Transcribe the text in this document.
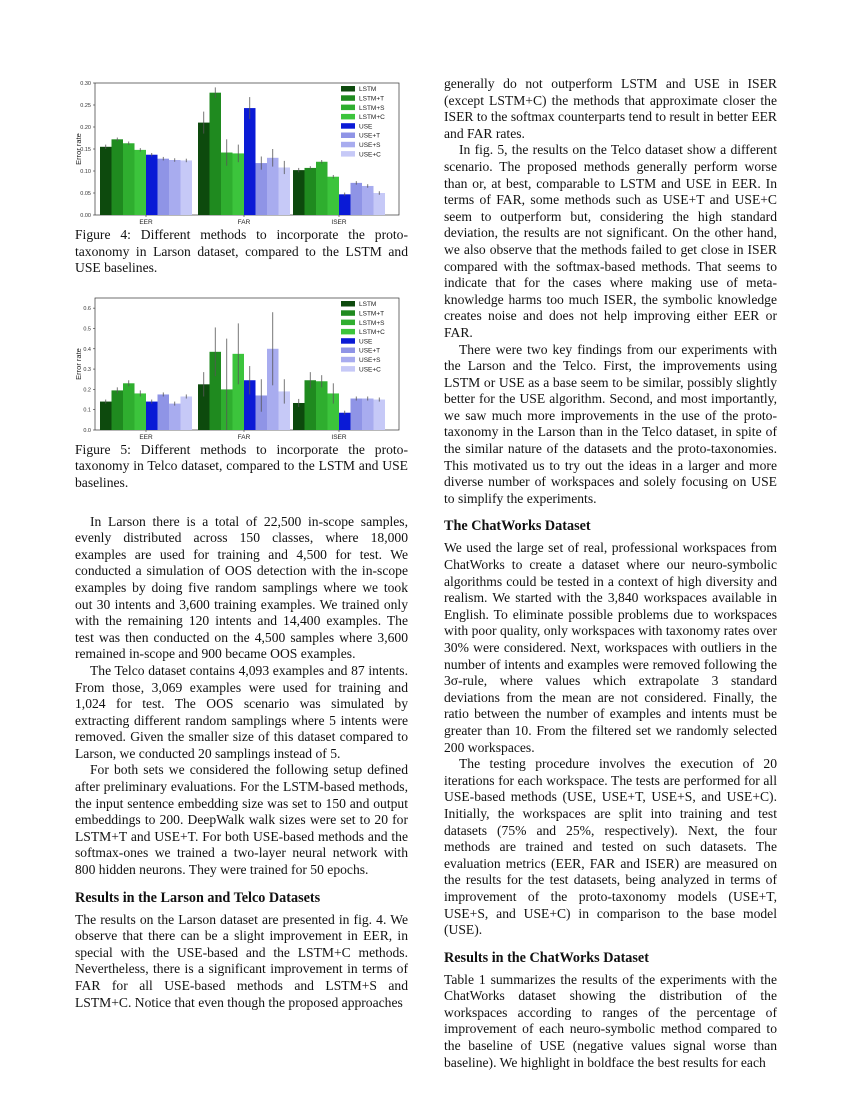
0.00
0.05
0.10
0.15
0.20
0.25
0.30
Error rate
EER	FAR	ISER
LSTM
LSTM+T
LSTM+S
LSTM+C
USE
USE+T
USE+S
USE+C

Figure 4: Different methods to incorporate the proto-taxonomy in Larson dataset, compared to the LSTM and USE baselines.

0.0
0.1
0.2
0.3
0.4
0.5
0.6
Error rate
EER	FAR	ISER
LSTM
LSTM+T
LSTM+S
LSTM+C
USE
USE+T
USE+S
USE+C

Figure 5: Different methods to incorporate the proto-taxonomy in Telco dataset, compared to the LSTM and USE baselines.

In Larson there is a total of 22,500 in-scope samples, evenly distributed across 150 classes, where 18,000 examples are used for training and 4,500 for test. We conducted a simulation of OOS detection with the in-scope examples by doing five random samplings where we took out 30 intents and 3,600 training examples. We trained only with the remaining 120 intents and 14,400 examples. The test was then conducted on the 4,500 samples where 3,600 remained in-scope and 900 became OOS examples.

The Telco dataset contains 4,093 examples and 87 intents. From those, 3,069 examples were used for training and 1,024 for test. The OOS scenario was simulated by extracting different random samplings where 5 intents were removed. Given the smaller size of this dataset compared to Larson, we conducted 20 samplings instead of 5.

For both sets we considered the following setup defined after preliminary evaluations. For the LSTM-based methods, the input sentence embedding size was set to 150 and output embeddings to 200. DeepWalk walk sizes were set to 20 for LSTM+T and USE+T. For both USE-based methods and the softmax-ones we trained a two-layer neural network with 800 hidden neurons. They were trained for 50 epochs.

Results in the Larson and Telco Datasets

The results on the Larson dataset are presented in fig. 4. We observe that there can be a slight improvement in EER, in special with the USE-based and the LSTM+C methods. Nevertheless, there is a significant improvement in terms of FAR for all USE-based methods and LSTM+S and LSTM+C. Notice that even though the proposed approaches

generally do not outperform LSTM and USE in ISER (except LSTM+C) the methods that approximate closer the ISER to the softmax counterparts tend to result in better EER and FAR rates.

In fig. 5, the results on the Telco dataset show a different scenario. The proposed methods generally perform worse than or, at best, comparable to LSTM and USE in EER. In terms of FAR, some methods such as USE+T and USE+C seem to outperform but, considering the high standard deviation, the results are not significant. On the other hand, we also observe that the methods failed to get close in ISER compared with the softmax-based methods. That seems to indicate that for the cases where making use of meta-knowledge harms too much ISER, the symbolic knowledge creates noise and does not help improving either EER or FAR.

There were two key findings from our experiments with the Larson and the Telco. First, the improvements using LSTM or USE as a base seem to be similar, possibly slightly better for the USE algorithm. Second, and most importantly, we saw much more improvements in the use of the proto-taxonomy in the Larson than in the Telco dataset, in spite of the similar nature of the datasets and the proto-taxonomies. This motivated us to try out the ideas in a larger and more diverse number of workspaces and solely focusing on USE to simplify the experiments.

The ChatWorks Dataset

We used the large set of real, professional workspaces from ChatWorks to create a dataset where our neuro-symbolic algorithms could be tested in a context of high diversity and realism. We started with the 3,840 workspaces available in English. To eliminate possible problems due to workspaces with poor quality, only workspaces with taxonomy rates over 30% were considered. Next, workspaces with outliers in the number of intents and examples were removed following the 3σ-rule, where values which extrapolate 3 standard deviations from the mean are not considered. Finally, the ratio between the number of examples and intents must be greater than 10. From the filtered set we randomly selected 200 workspaces.

The testing procedure involves the execution of 20 iterations for each workspace. The tests are performed for all USE-based methods (USE, USE+T, USE+S, and USE+C). Initially, the workspaces are split into training and test datasets (75% and 25%, respectively). Next, the four methods are trained and tested on such datasets. The evaluation metrics (EER, FAR and ISER) are measured on the results for the test datasets, being analyzed in terms of improvement of the proto-taxonomy models (USE+T, USE+S, and USE+C) in comparison to the base model (USE).

Results in the ChatWorks Dataset

Table 1 summarizes the results of the experiments with the ChatWorks dataset showing the distribution of the workspaces according to ranges of the percentage of improvement of each neuro-symbolic method compared to the baseline of USE (negative values signal worse than baseline). We highlight in boldface the best results for each
